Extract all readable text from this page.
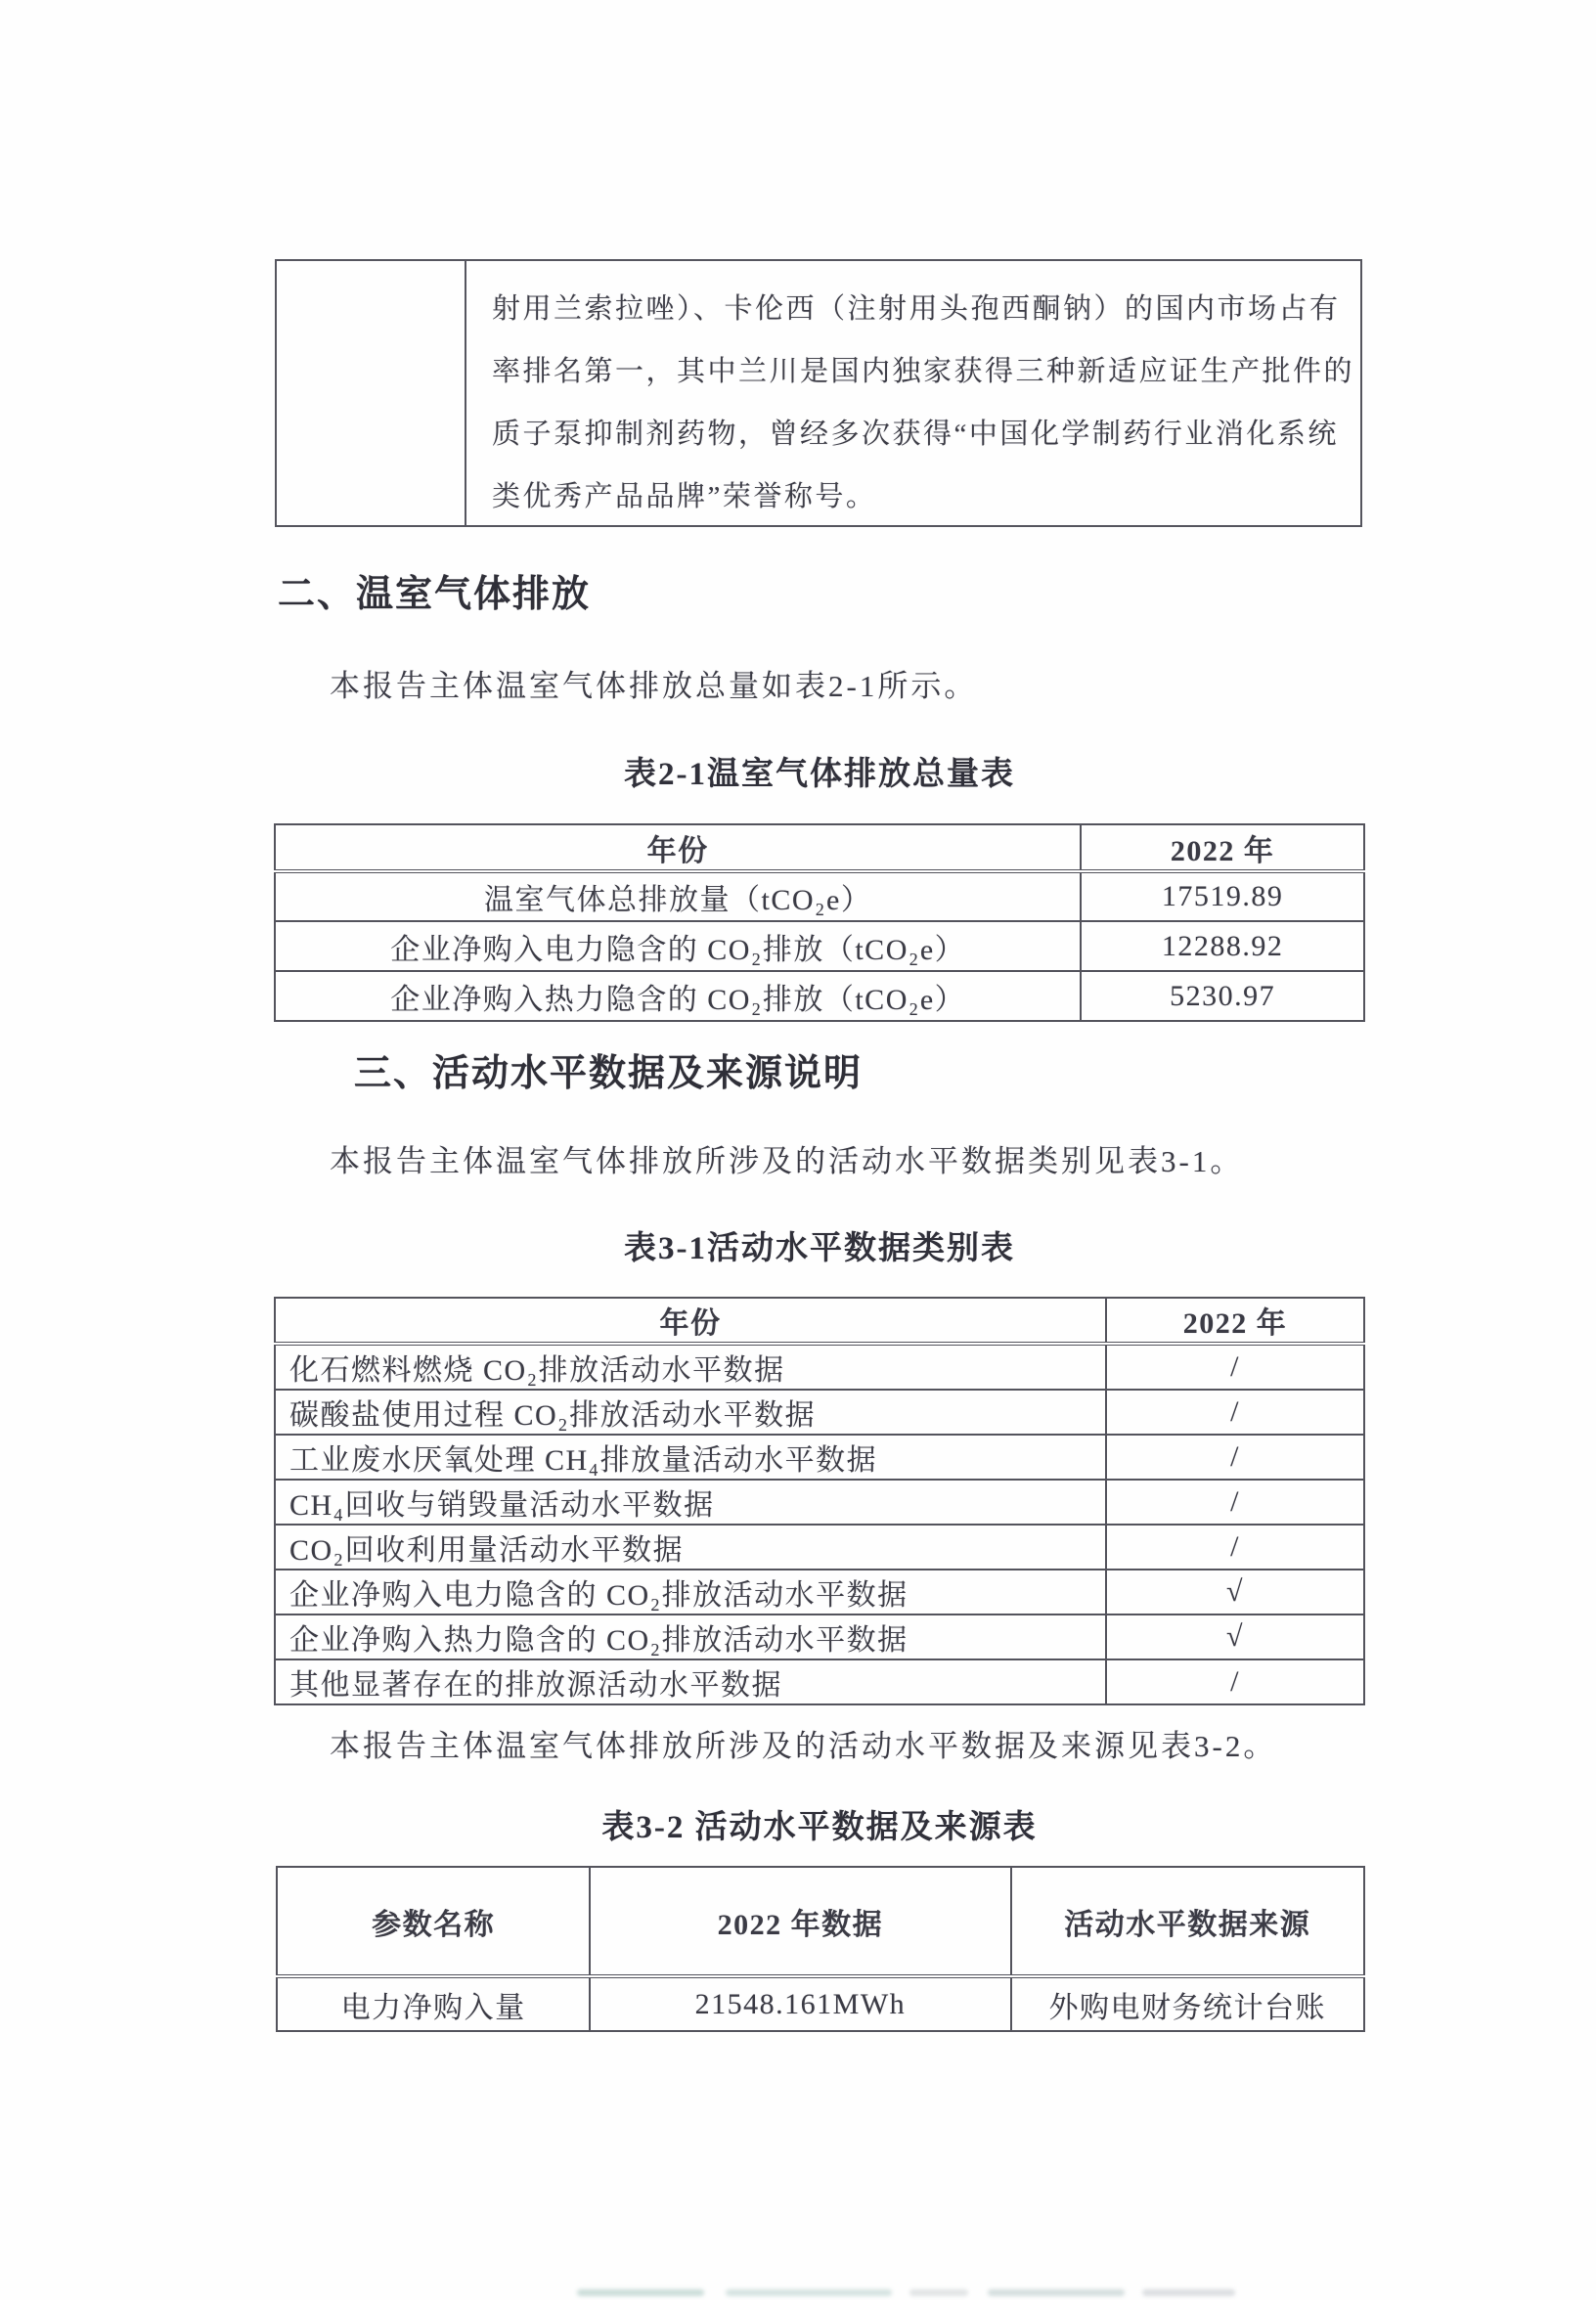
射用兰索拉唑）、卡伦西（注射用头孢西酮钠）的国内市场占有

率排名第一，其中兰川是国内独家获得三种新适应证生产批件的

质子泵抑制剂药物，曾经多次获得“中国化学制药行业消化系统

类优秀产品品牌”荣誉称号。

二、温室气体排放
本报告主体温室气体排放总量如表2-1所示。
表2-1温室气体排放总量表
年份	2022 年
温室气体总排放量（tCO₂e）	17519.89
企业净购入电力隐含的 CO₂排放（tCO₂e）	12288.92
企业净购入热力隐含的 CO₂排放（tCO₂e）	5230.97
三、活动水平数据及来源说明
本报告主体温室气体排放所涉及的活动水平数据类别见表3-1。
表3-1活动水平数据类别表
年份	2022 年
化石燃料燃烧 CO₂排放活动水平数据	/
碳酸盐使用过程 CO₂排放活动水平数据	/
工业废水厌氧处理 CH₄排放量活动水平数据	/
CH₄回收与销毁量活动水平数据	/
CO₂回收利用量活动水平数据	/
企业净购入电力隐含的 CO₂排放活动水平数据	√
企业净购入热力隐含的 CO₂排放活动水平数据	√
其他显著存在的排放源活动水平数据	/
本报告主体温室气体排放所涉及的活动水平数据及来源见表3-2。
表3-2 活动水平数据及来源表
参数名称	2022 年数据	活动水平数据来源
电力净购入量	21548.161MWh	外购电财务统计台账
